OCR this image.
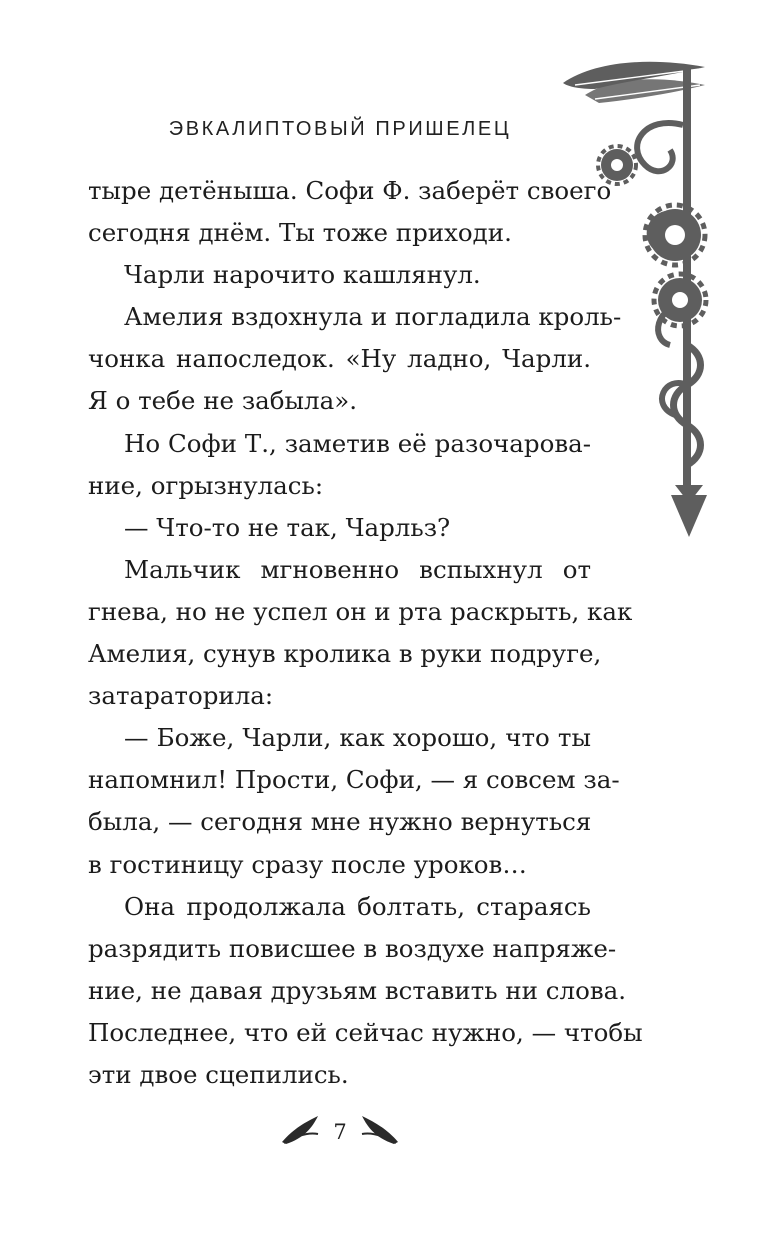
ЭВКАЛИПТОВЫЙ ПРИШЕЛЕЦ
тыре детёныша. Софи Ф. заберёт своего
сегодня днём. Ты тоже приходи.
Чарли нарочито кашлянул.
Амелия вздохнула и погладила кроль-
чонка напоследок. «Ну ладно, Чарли.
Я о тебе не забыла».
Но Софи Т., заметив её разочарова-
ние, огрызнулась:
— Что-то не так, Чарльз?
Мальчик мгновенно вспыхнул от
гнева, но не успел он и рта раскрыть, как
Амелия, сунув кролика в руки подруге,
затараторила:
— Боже, Чарли, как хорошо, что ты
напомнил! Прости, Софи, — я совсем за-
была, — сегодня мне нужно вернуться
в гостиницу сразу после уроков…
Она продолжала болтать, стараясь
разрядить повисшее в воздухе напряже-
ние, не давая друзьям вставить ни слова.
Последнее, что ей сейчас нужно, — чтобы
эти двое сцепились.
7
